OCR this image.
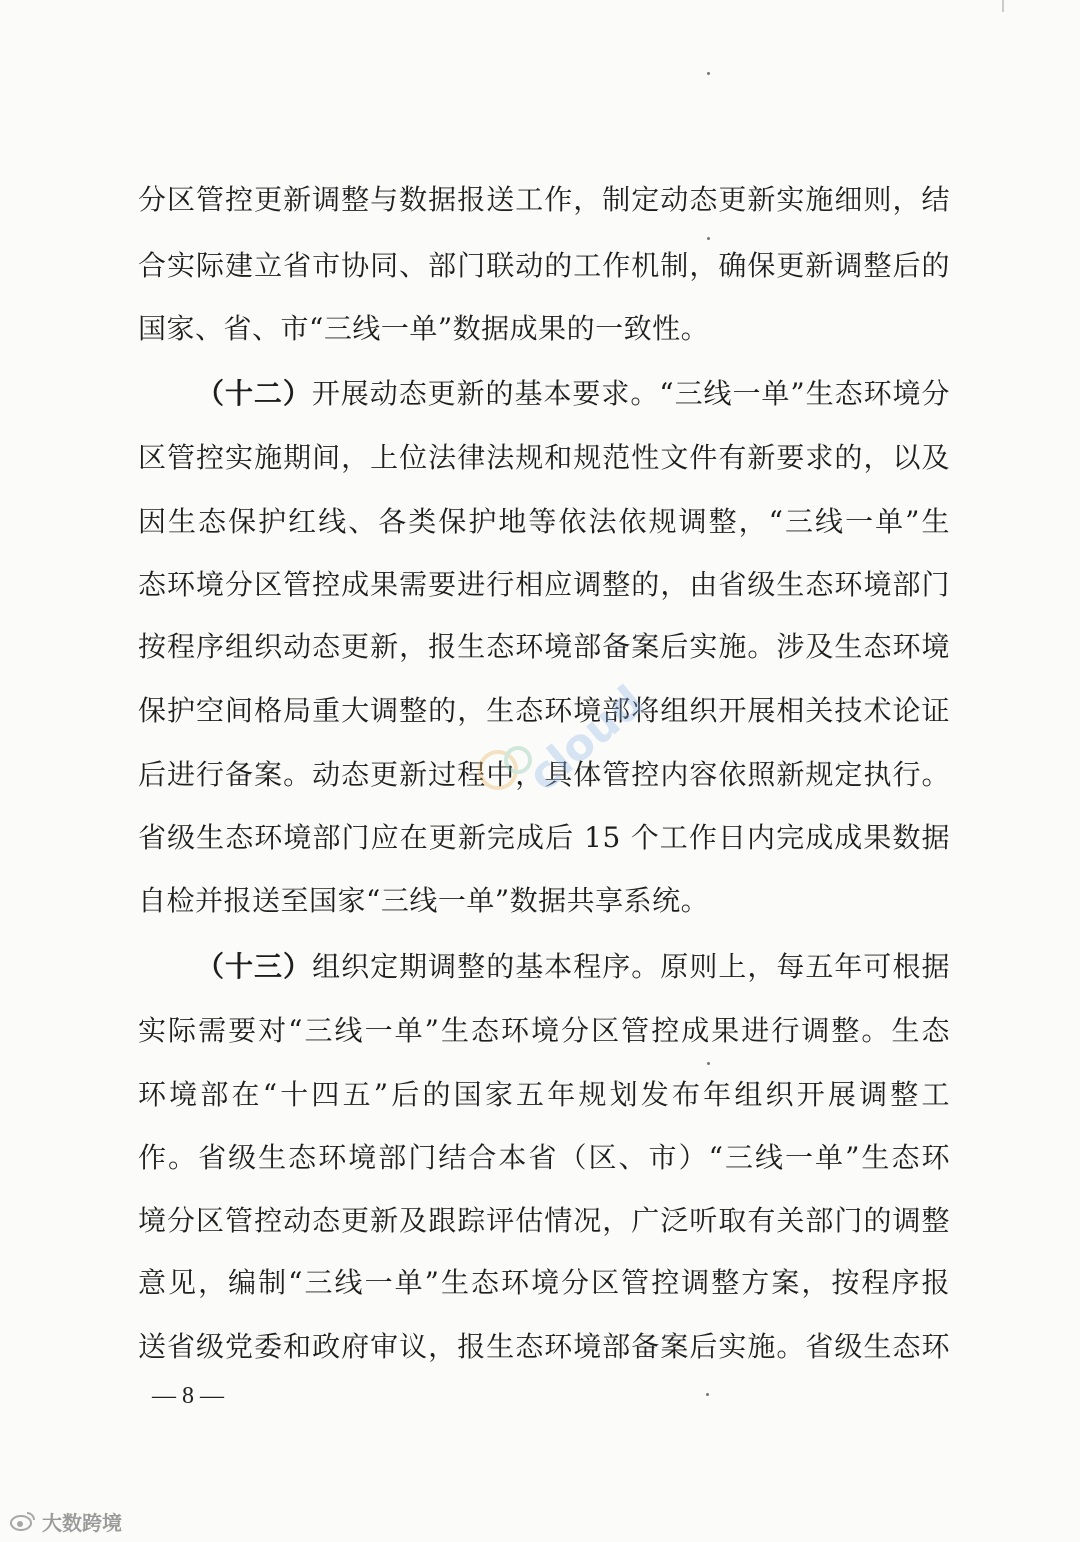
分区管控更新调整与数据报送工作，制定动态更新实施细则，结
合实际建立省市协同、部门联动的工作机制，确保更新调整后的
国家、省、市“三线一单”数据成果的一致性。
（十二）开展动态更新的基本要求。“三线一单”生态环境分
区管控实施期间，上位法律法规和规范性文件有新要求的，以及
因生态保护红线、各类保护地等依法依规调整，“三线一单”生
态环境分区管控成果需要进行相应调整的，由省级生态环境部门
按程序组织动态更新，报生态环境部备案后实施。涉及生态环境
保护空间格局重大调整的，生态环境部将组织开展相关技术论证
后进行备案。动态更新过程中，具体管控内容依照新规定执行。
省级生态环境部门应在更新完成后 15 个工作日内完成成果数据
自检并报送至国家“三线一单”数据共享系统。
（十三）组织定期调整的基本程序。原则上，每五年可根据
实际需要对“三线一单”生态环境分区管控成果进行调整。生态
环境部在“十四五”后的国家五年规划发布年组织开展调整工
作。省级生态环境部门结合本省（区、市）“三线一单”生态环
境分区管控动态更新及跟踪评估情况，广泛听取有关部门的调整
意见，编制“三线一单”生态环境分区管控调整方案，按程序报
送省级党委和政府审议，报生态环境部备案后实施。省级生态环
— 8 —
cloud
大数跨境
